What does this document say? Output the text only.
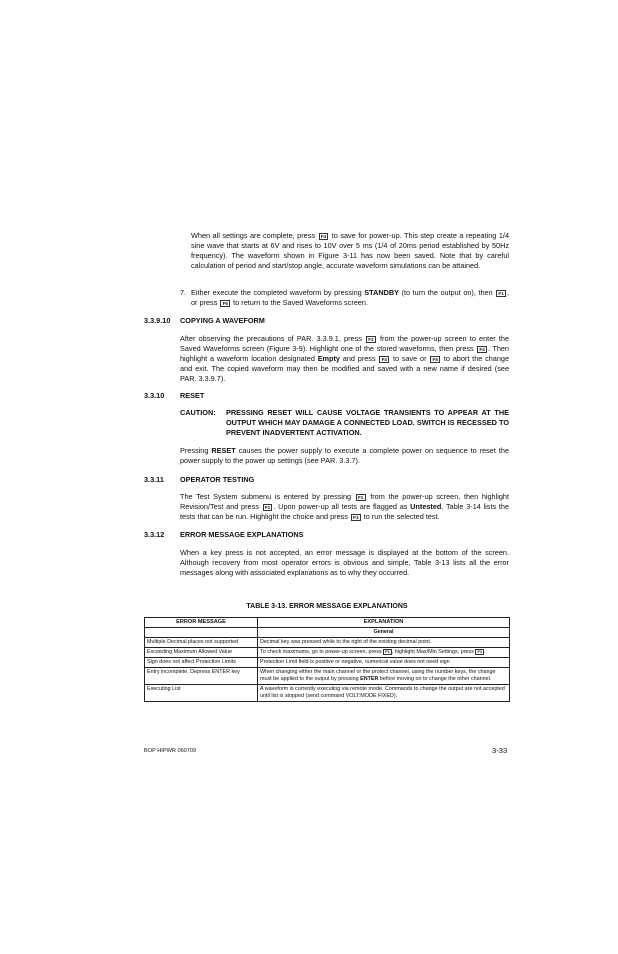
When all settings are complete, press F4 to save for power-up. This step create a repeating 1/4 sine wave that starts at 6V and rises to 10V over 5 ms (1/4 of 20ms period established by 50Hz frequency). The waveform shown in Figure 3-11 has now been saved. Note that by careful calculation of period and start/stop angle, accurate waveform simulations can be attained.
7. Either execute the completed waveform by pressing STANDBY (to turn the output on), then F1 , or press F5 to return to the Saved Waveforms screen.
3.3.9.10 COPYING A WAVEFORM
After observing the precautions of PAR. 3.3.9.1, press F2 from the power-up screen to enter the Saved Waveforms screen (Figure 3-9). Highlight one of the stored waveforms, then press F4 . Then highlight a waveform location designated Empty and press F4 to save or F5 to abort the change and exit. The copied waveform may then be modified and saved with a new name if desired (see PAR. 3.3.9.7).
3.3.10 RESET
CAUTION: PRESSING RESET WILL CAUSE VOLTAGE TRANSIENTS TO APPEAR AT THE OUTPUT WHICH MAY DAMAGE A CONNECTED LOAD. SWITCH IS RECESSED TO PREVENT INADVERTENT ACTIVATION.
Pressing RESET causes the power supply to execute a complete power on sequence to reset the power supply to the power up settings (see PAR. 3.3.7).
3.3.11 OPERATOR TESTING
The Test System submenu is entered by pressing F1 from the power-up screen, then highlight Revision/Test and press F1 . Upon power-up all tests are flagged as Untested. Table 3-14 lists the tests that can be run. Highlight the choice and press F3 to run the selected test.
3.3.12 ERROR MESSAGE EXPLANATIONS
When a key press is not accepted, an error message is displayed at the bottom of the screen. Although recovery from most operator errors is obvious and simple, Table 3-13 lists all the error messages along with associated explanations as to why they occurred.
TABLE 3-13. ERROR MESSAGE EXPLANATIONS
ERROR MESSAGE	EXPLANATION
	General
Multiple Decimal places not supported	Decimal key was pressed while to the right of the existing decimal point.
Exceeding Maximum Allowed Value	To check maximums, go to power-up screen, press F1 , highlight Max/Min Settings, press F1 .
Sign does not affect Protection Limits	Protection Limit field is positive or negative, numerical value does not need sign
Entry incomplete, Depress ENTER key	When changing either the main channel or the protect channel, using the number keys, the change must be applied to the output by pressing ENTER before moving on to change the other channel.
Executing List	A waveform is currently executing via remote mode. Commands to change the output are not accepted until list is stopped (send command VOLT:MODE FIXED).
BOP HIPWR 060709	3-33
